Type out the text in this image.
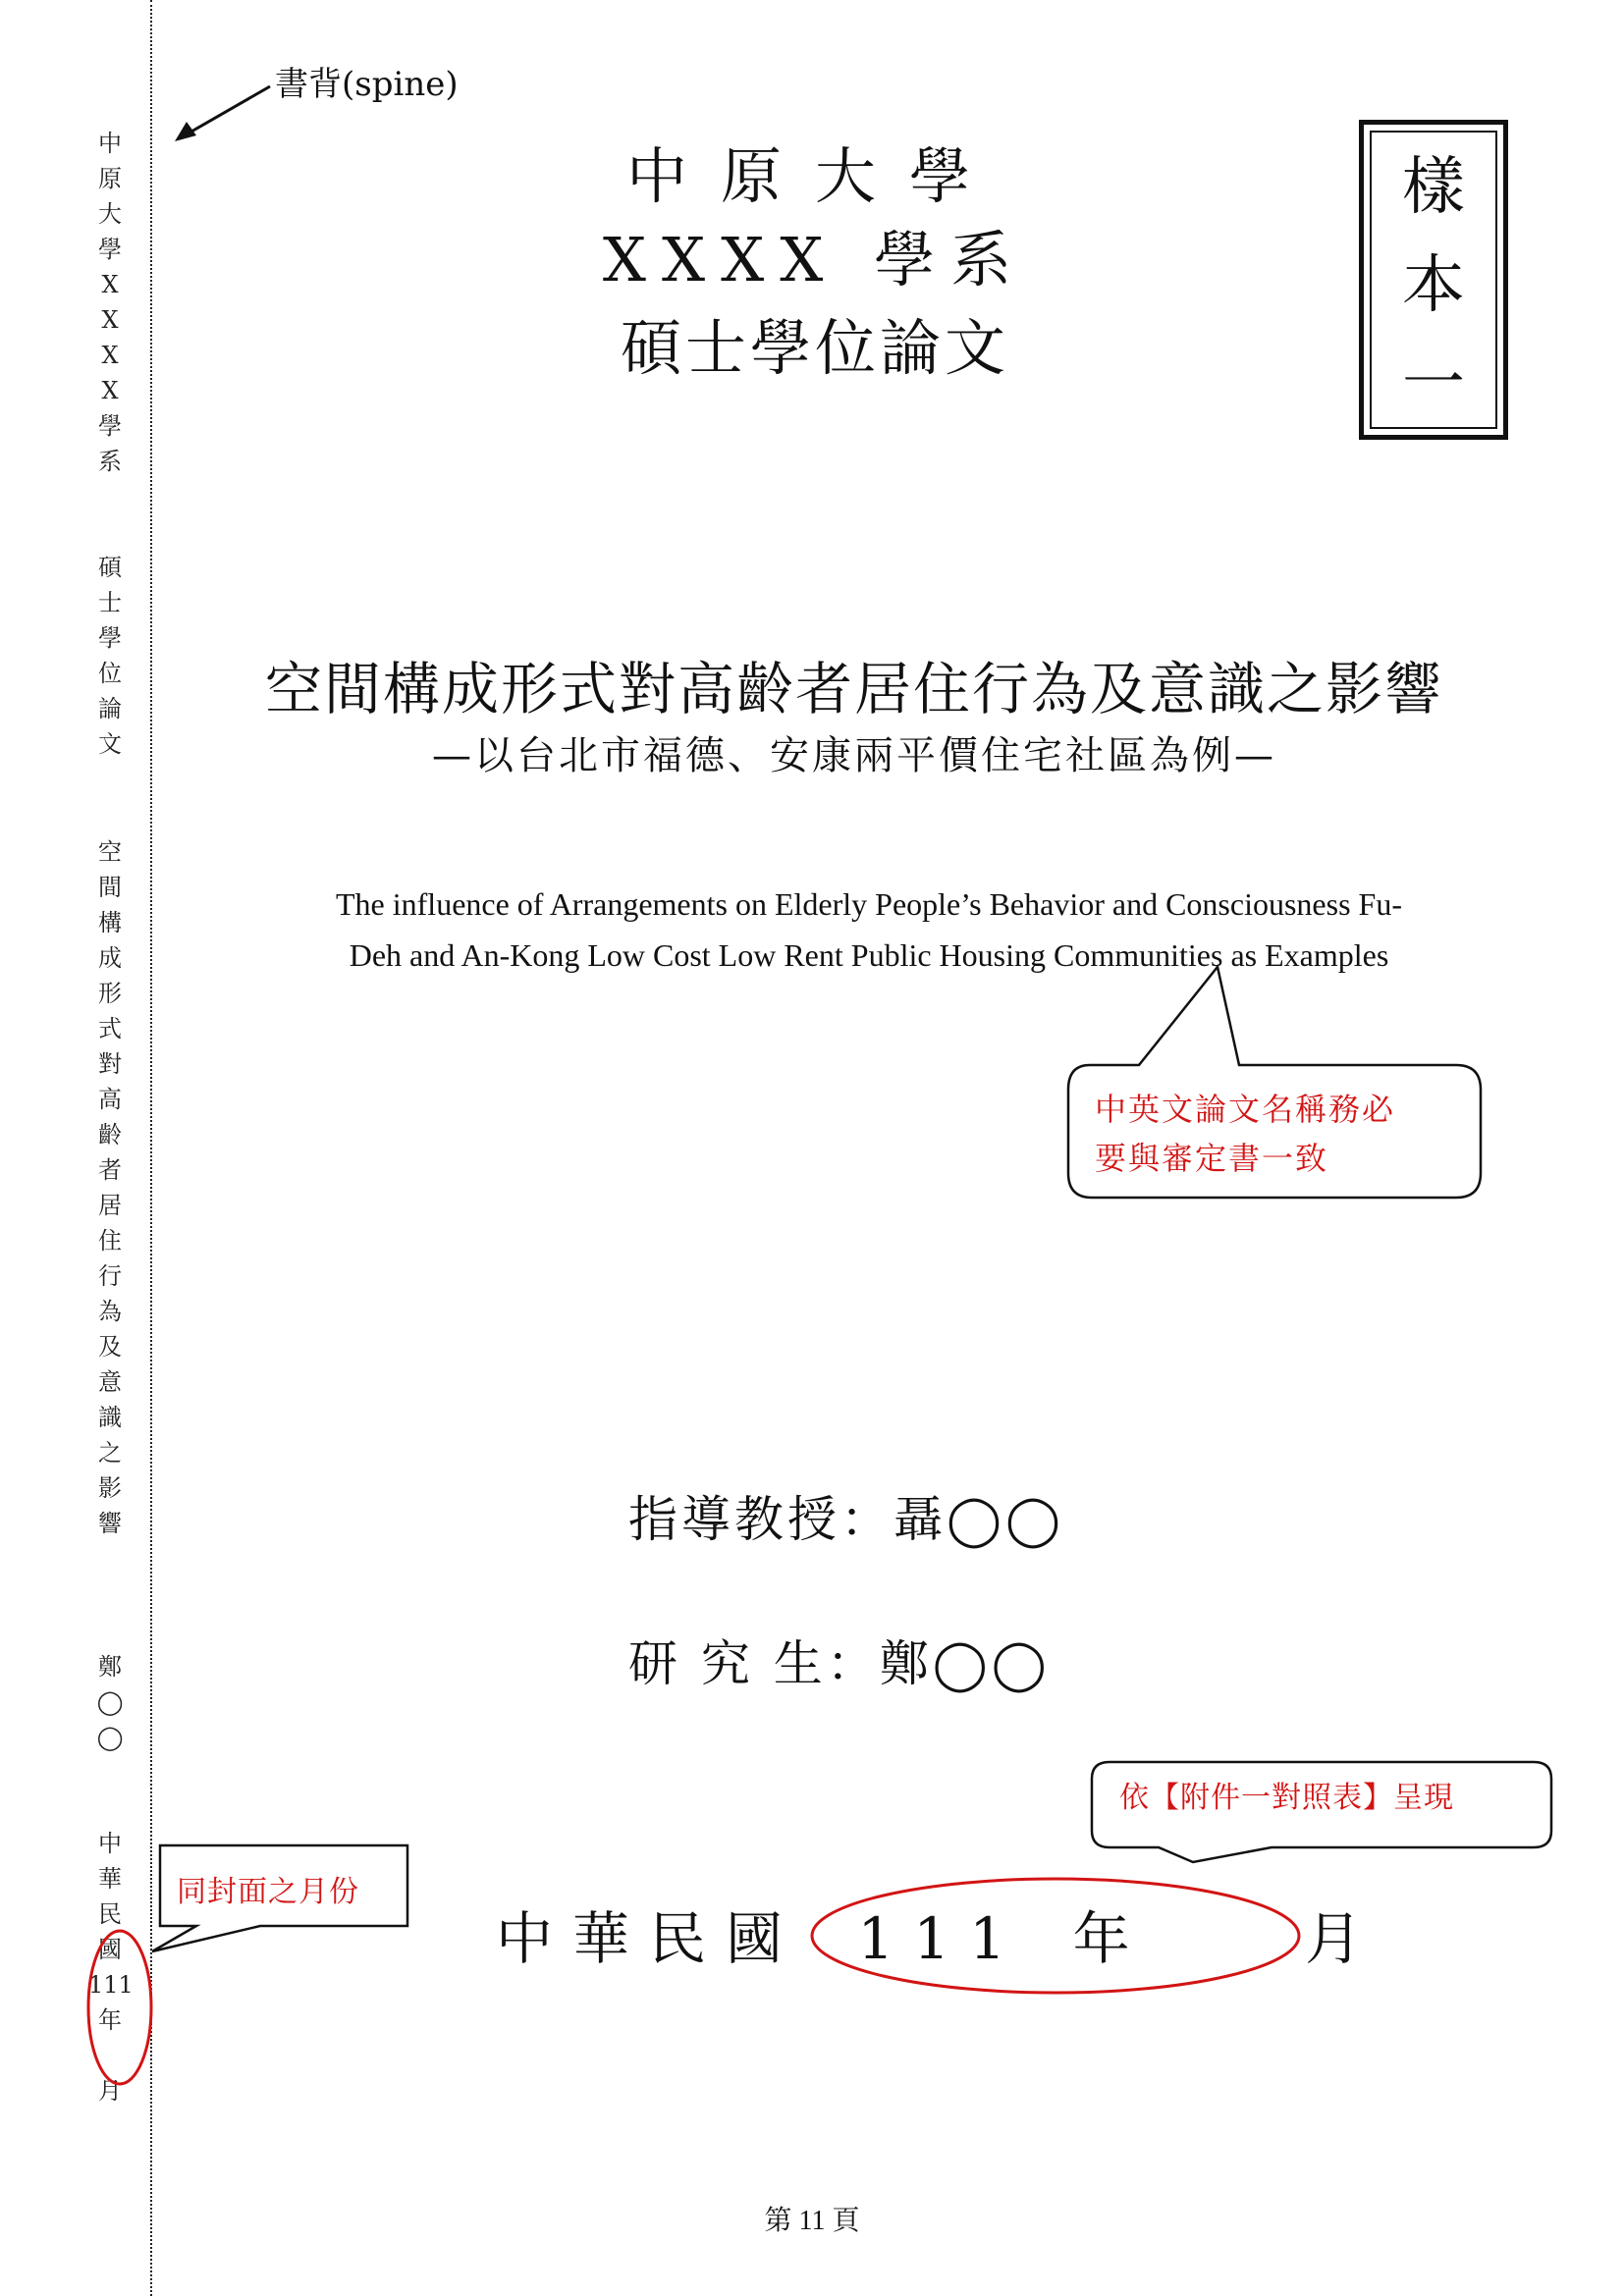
中
原
大
學
X
X
X
X
學
系
碩
士
學
位
論
文
空
間
構
成
形
式
對
高
齡
者
居
住
行
為
及
意
識
之
影
響
鄭
◯
◯
中
華
民
國
111
年
月
書背(spine)
中原大學
XXXX 學系
碩士學位論文
樣
本
一
空間構成形式對高齡者居住行為及意識之影響
—以台北市福德、安康兩平價住宅社區為例—
The influence of Arrangements on Elderly People’s Behavior and Consciousness Fu-
Deh and An-Kong Low Cost Low Rent Public Housing Communities as Examples
中英文論文名稱務必
要與審定書一致
依【附件一對照表】呈現
同封面之月份
指導教授：聶◯◯
研 究 生：鄭◯◯
中華民國 111 年	月
第 11 頁
